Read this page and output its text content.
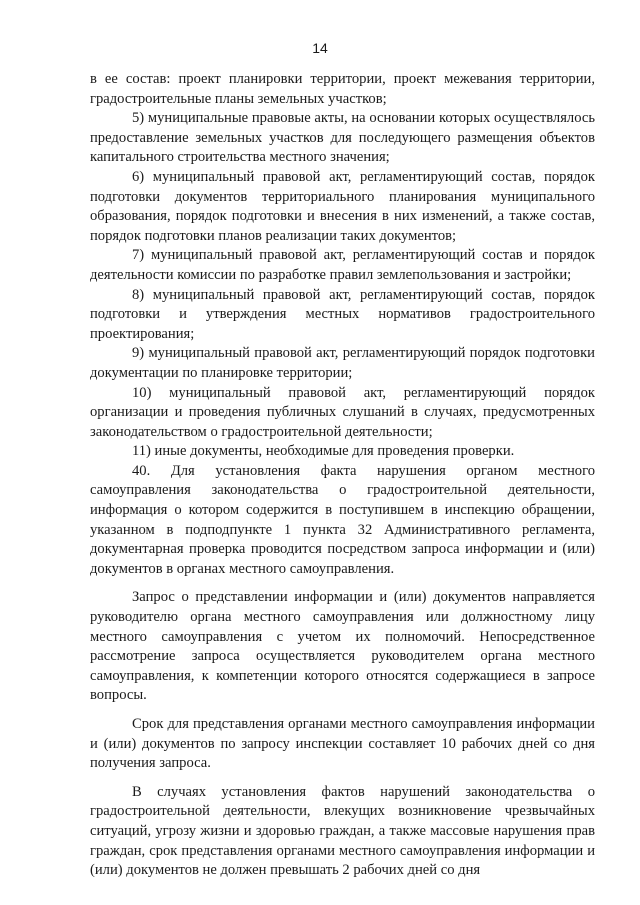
14

в ее состав: проект планировки территории, проект межевания территории, градостроительные планы земельных участков;

5) муниципальные правовые акты, на основании которых осуществлялось предоставление земельных участков для последующего размещения объектов капитального строительства местного значения;

6) муниципальный правовой акт, регламентирующий состав, порядок подготовки документов территориального планирования муниципального образования, порядок подготовки и внесения в них изменений, а также состав, порядок подготовки планов реализации таких документов;

7) муниципальный правовой акт, регламентирующий состав и порядок деятельности комиссии по разработке правил землепользования и застройки;

8) муниципальный правовой акт, регламентирующий состав, порядок подготовки и утверждения местных нормативов градостроительного проектирования;

9) муниципальный правовой акт, регламентирующий порядок подготовки документации по планировке территории;

10) муниципальный правовой акт, регламентирующий порядок организации и проведения публичных слушаний в случаях, предусмотренных законодательством о градостроительной деятельности;

11) иные документы, необходимые для проведения проверки.

40. Для установления факта нарушения органом местного самоуправления законодательства о градостроительной деятельности, информация о котором содержится в поступившем в инспекцию обращении, указанном в подподпункте 1 пункта 32 Административного регламента, документарная проверка проводится посредством запроса информации и (или) документов в органах местного самоуправления.

Запрос о представлении информации и (или) документов направляется руководителю органа местного самоуправления или должностному лицу местного самоуправления с учетом их полномочий. Непосредственное рассмотрение запроса осуществляется руководителем органа местного самоуправления, к компетенции которого относятся содержащиеся в запросе вопросы.

Срок для представления органами местного самоуправления информации и (или) документов по запросу инспекции составляет 10 рабочих дней со дня получения запроса.

В случаях установления фактов нарушений законодательства о градостроительной деятельности, влекущих возникновение чрезвычайных ситуаций, угрозу жизни и здоровью граждан, а также массовые нарушения прав граждан, срок представления органами местного самоуправления информации и (или) документов не должен превышать 2 рабочих дней со дня
